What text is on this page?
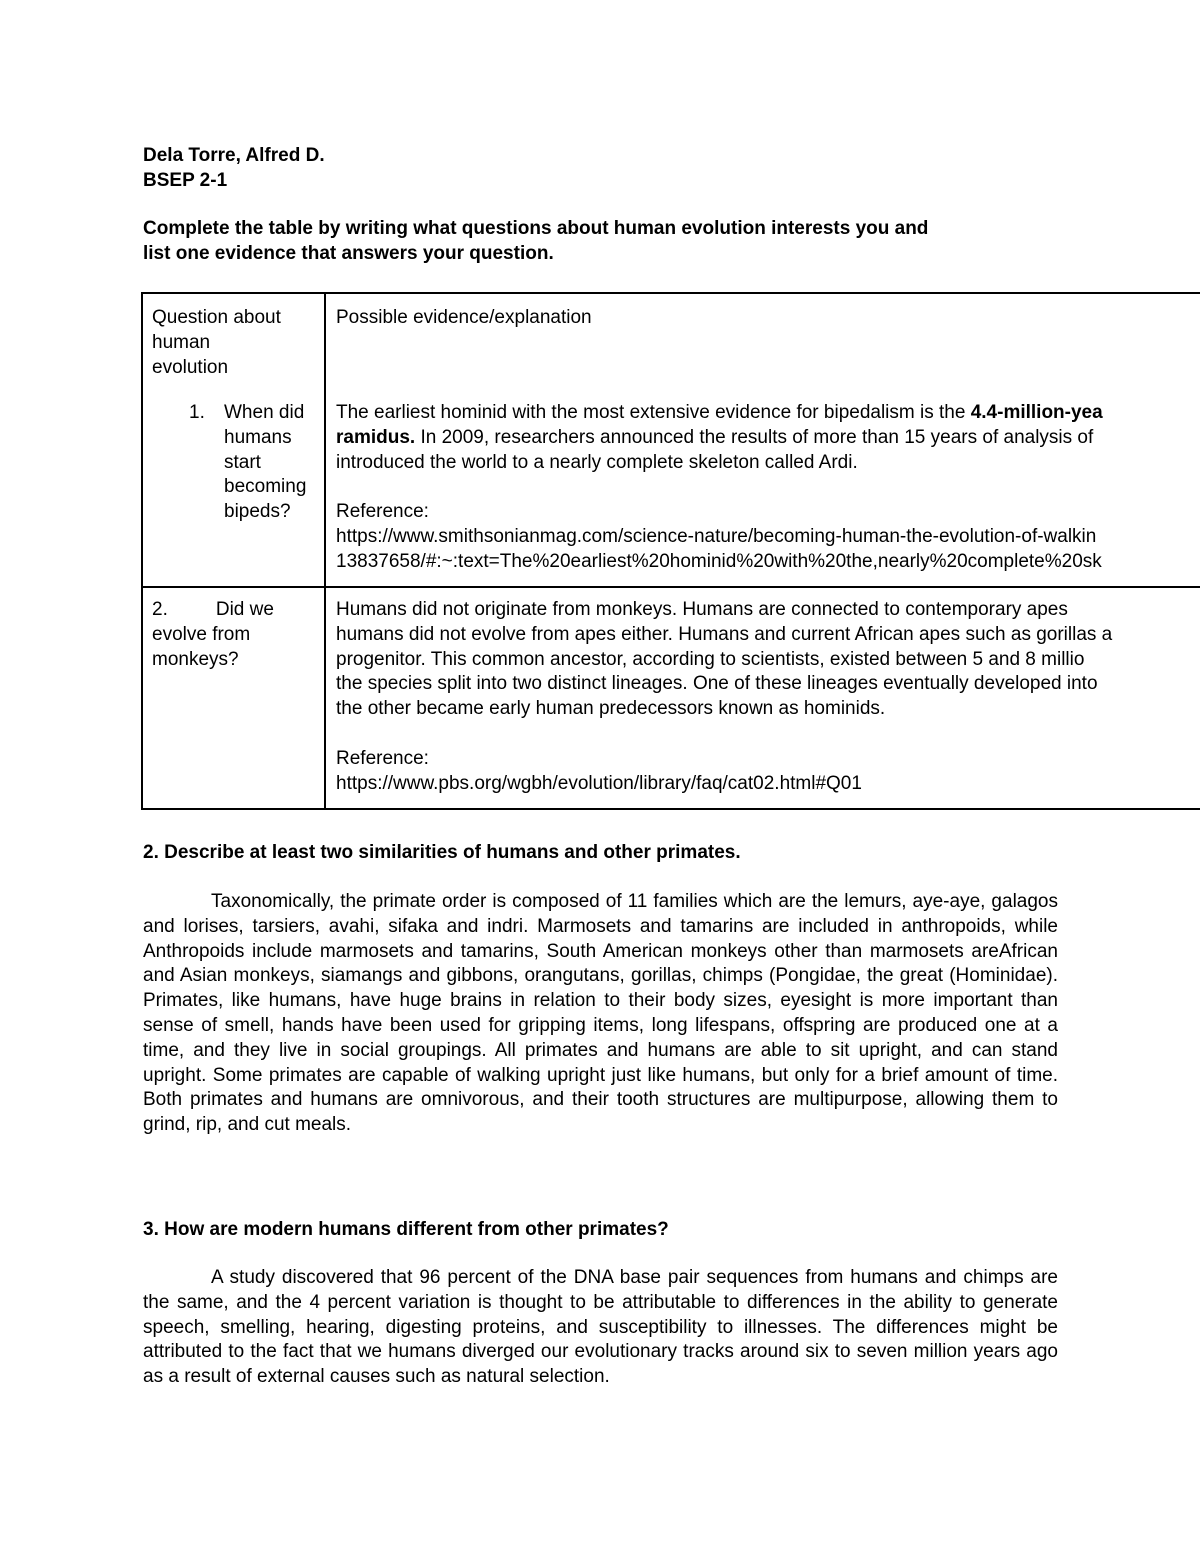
Dela Torre, Alfred D.
BSEP 2-1
Complete the table by writing what questions about human evolution interests you and
list one evidence that answers your question.
Question about
human
evolution
Possible evidence/explanation
1. When did
humans
start
becoming
bipeds?
The earliest hominid with the most extensive evidence for bipedalism is the 4.4-million-yea
ramidus. In 2009, researchers announced the results of more than 15 years of analysis of
introduced the world to a nearly complete skeleton called Ardi.
Reference:
https://www.smithsonianmag.com/science-nature/becoming-human-the-evolution-of-walkin
13837658/#:~:text=The%20earliest%20hominid%20with%20the,nearly%20complete%20sk
2.	Did we
evolve from
monkeys?
Humans did not originate from monkeys. Humans are connected to contemporary apes
humans did not evolve from apes either. Humans and current African apes such as gorillas a
progenitor. This common ancestor, according to scientists, existed between 5 and 8 millio
the species split into two distinct lineages. One of these lineages eventually developed into
the other became early human predecessors known as hominids.
Reference:
https://www.pbs.org/wgbh/evolution/library/faq/cat02.html#Q01
2. Describe at least two similarities of humans and other primates.
Taxonomically, the primate order is composed of 11 families which are the lemurs, aye-aye, galagos and lorises, tarsiers, avahi, sifaka and indri. Marmosets and tamarins are included in anthropoids, while Anthropoids include marmosets and tamarins, South American monkeys other than marmosets areAfrican and Asian monkeys, siamangs and gibbons, orangutans, gorillas, chimps (Pongidae, the great (Hominidae). Primates, like humans, have huge brains in relation to their body sizes, eyesight is more important than sense of smell, hands have been used for gripping items, long lifespans, offspring are produced one at a time, and they live in social groupings. All primates and humans are able to sit upright, and can stand upright. Some primates are capable of walking upright just like humans, but only for a brief amount of time. Both primates and humans are omnivorous, and their tooth structures are multipurpose, allowing them to grind, rip, and cut meals.
3. How are modern humans different from other primates?
A study discovered that 96 percent of the DNA base pair sequences from humans and chimps are the same, and the 4 percent variation is thought to be attributable to differences in the ability to generate speech, smelling, hearing, digesting proteins, and susceptibility to illnesses. The differences might be attributed to the fact that we humans diverged our evolutionary tracks around six to seven million years ago as a result of external causes such as natural selection.
